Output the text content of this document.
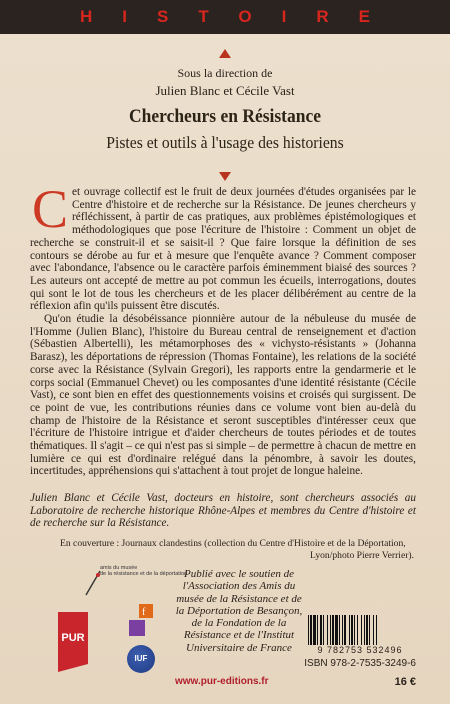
HISTOIRE
Sous la direction de
Julien Blanc et Cécile Vast
Chercheurs en Résistance
Pistes et outils à l'usage des historiens

Cet ouvrage collectif est le fruit de deux journées d'études organisées par le Centre d'histoire et de recherche sur la Résistance. De jeunes chercheurs y réfléchissent, à partir de cas pratiques, aux problèmes épistémologiques et méthodologiques que pose l'écriture de l'histoire : Comment un objet de recherche se construit-il et se saisit-il ? Que faire lorsque la définition de ses contours se dérobe au fur et à mesure que l'enquête avance ? Comment composer avec l'abondance, l'absence ou le caractère parfois éminemment biaisé des sources ? Les auteurs ont accepté de mettre au pot commun les écueils, interrogations, doutes qui sont le lot de tous les chercheurs et de les placer délibérément au centre de la réflexion afin qu'ils puissent être discutés.

Qu'on étudie la désobéissance pionnière autour de la nébuleuse du musée de l'Homme (Julien Blanc), l'histoire du Bureau central de renseignement et d'action (Sébastien Albertelli), les métamorphoses des « vichysto-résistants » (Johanna Barasz), les déportations de répression (Thomas Fontaine), les relations de la société corse avec la Résistance (Sylvain Gregori), les rapports entre la gendarmerie et le corps social (Emmanuel Chevet) ou les composantes d'une identité résistante (Cécile Vast), ce sont bien en effet des questionnements voisins et croisés qui surgissent. De ce point de vue, les contributions réunies dans ce volume vont bien au-delà du champ de l'histoire de la Résistance et seront susceptibles d'intéresser ceux que l'écriture de l'histoire intrigue et d'aider chercheurs de toutes périodes et de toutes thématiques. Il s'agit – ce qui n'est pas si simple – de permettre à chacun de mettre en lumière ce qui est d'ordinaire relégué dans la pénombre, à savoir les doutes, incertitudes, appréhensions qui s'attachent à tout projet de longue haleine.

Julien Blanc et Cécile Vast, docteurs en histoire, sont chercheurs associés au Laboratoire de recherche historique Rhône-Alpes et membres du Centre d'histoire et de recherche sur la Résistance.
En couverture : Journaux clandestins (collection du Centre d'Histoire et de la Déportation,
Lyon/photo Pierre Verrier).
amis du musée
de la résistance et de la déportation
Publié avec le soutien de l'Association des Amis du musée de la Résistance et de la Déportation de Besançon, de la Fondation de la Résistance et de l'Institut Universitaire de France
PUR
f
IUF
9 782753 532496
ISBN 978-2-7535-3249-6
www.pur-editions.fr	16 €
